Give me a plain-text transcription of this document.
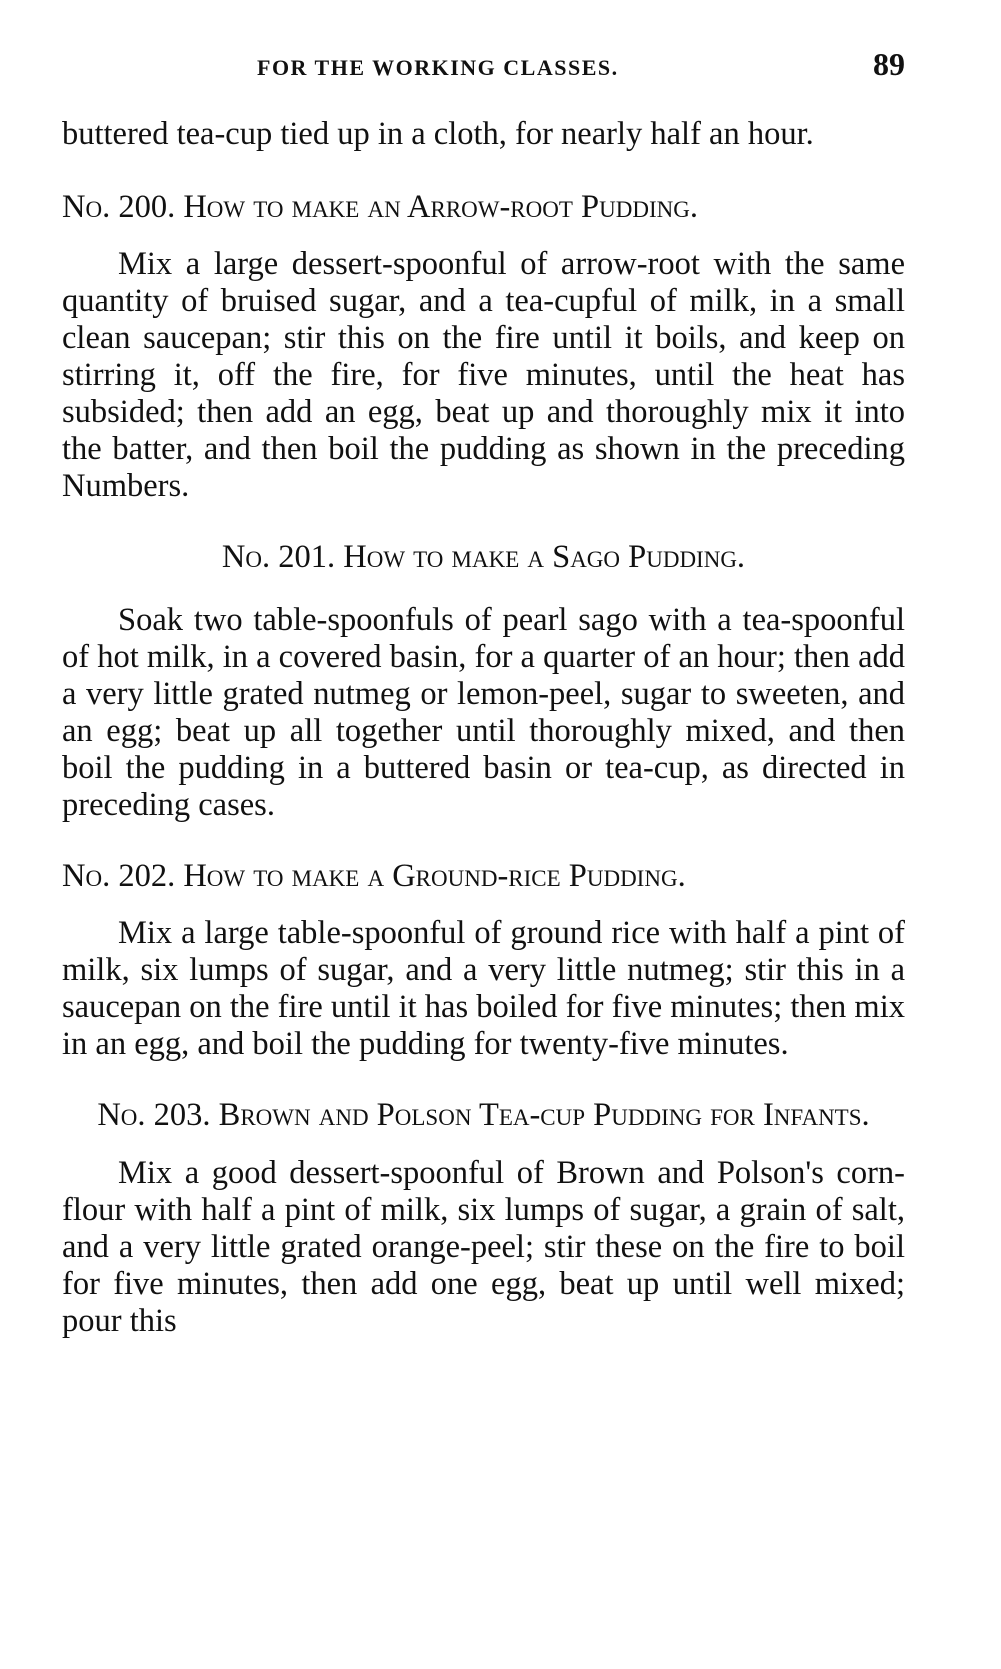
FOR THE WORKING CLASSES.	89

buttered tea-cup tied up in a cloth, for nearly half an hour.

No. 200. How to make an Arrow-root Pudding.

Mix a large dessert-spoonful of arrow-root with the same quantity of bruised sugar, and a tea-cupful of milk, in a small clean saucepan; stir this on the fire until it boils, and keep on stirring it, off the fire, for five minutes, until the heat has subsided; then add an egg, beat up and thoroughly mix it into the batter, and then boil the pudding as shown in the preceding Numbers.

No. 201. How to make a Sago Pudding.

Soak two table-spoonfuls of pearl sago with a tea-spoonful of hot milk, in a covered basin, for a quarter of an hour; then add a very little grated nutmeg or lemon-peel, sugar to sweeten, and an egg; beat up all together until thoroughly mixed, and then boil the pudding in a buttered basin or tea-cup, as directed in preceding cases.

No. 202. How to make a Ground-rice Pudding.

Mix a large table-spoonful of ground rice with half a pint of milk, six lumps of sugar, and a very little nutmeg; stir this in a saucepan on the fire until it has boiled for five minutes; then mix in an egg, and boil the pudding for twenty-five minutes.

No. 203. Brown and Polson Tea-cup Pudding for Infants.

Mix a good dessert-spoonful of Brown and Polson's corn-flour with half a pint of milk, six lumps of sugar, a grain of salt, and a very little grated orange-peel; stir these on the fire to boil for five minutes, then add one egg, beat up until well mixed; pour this
